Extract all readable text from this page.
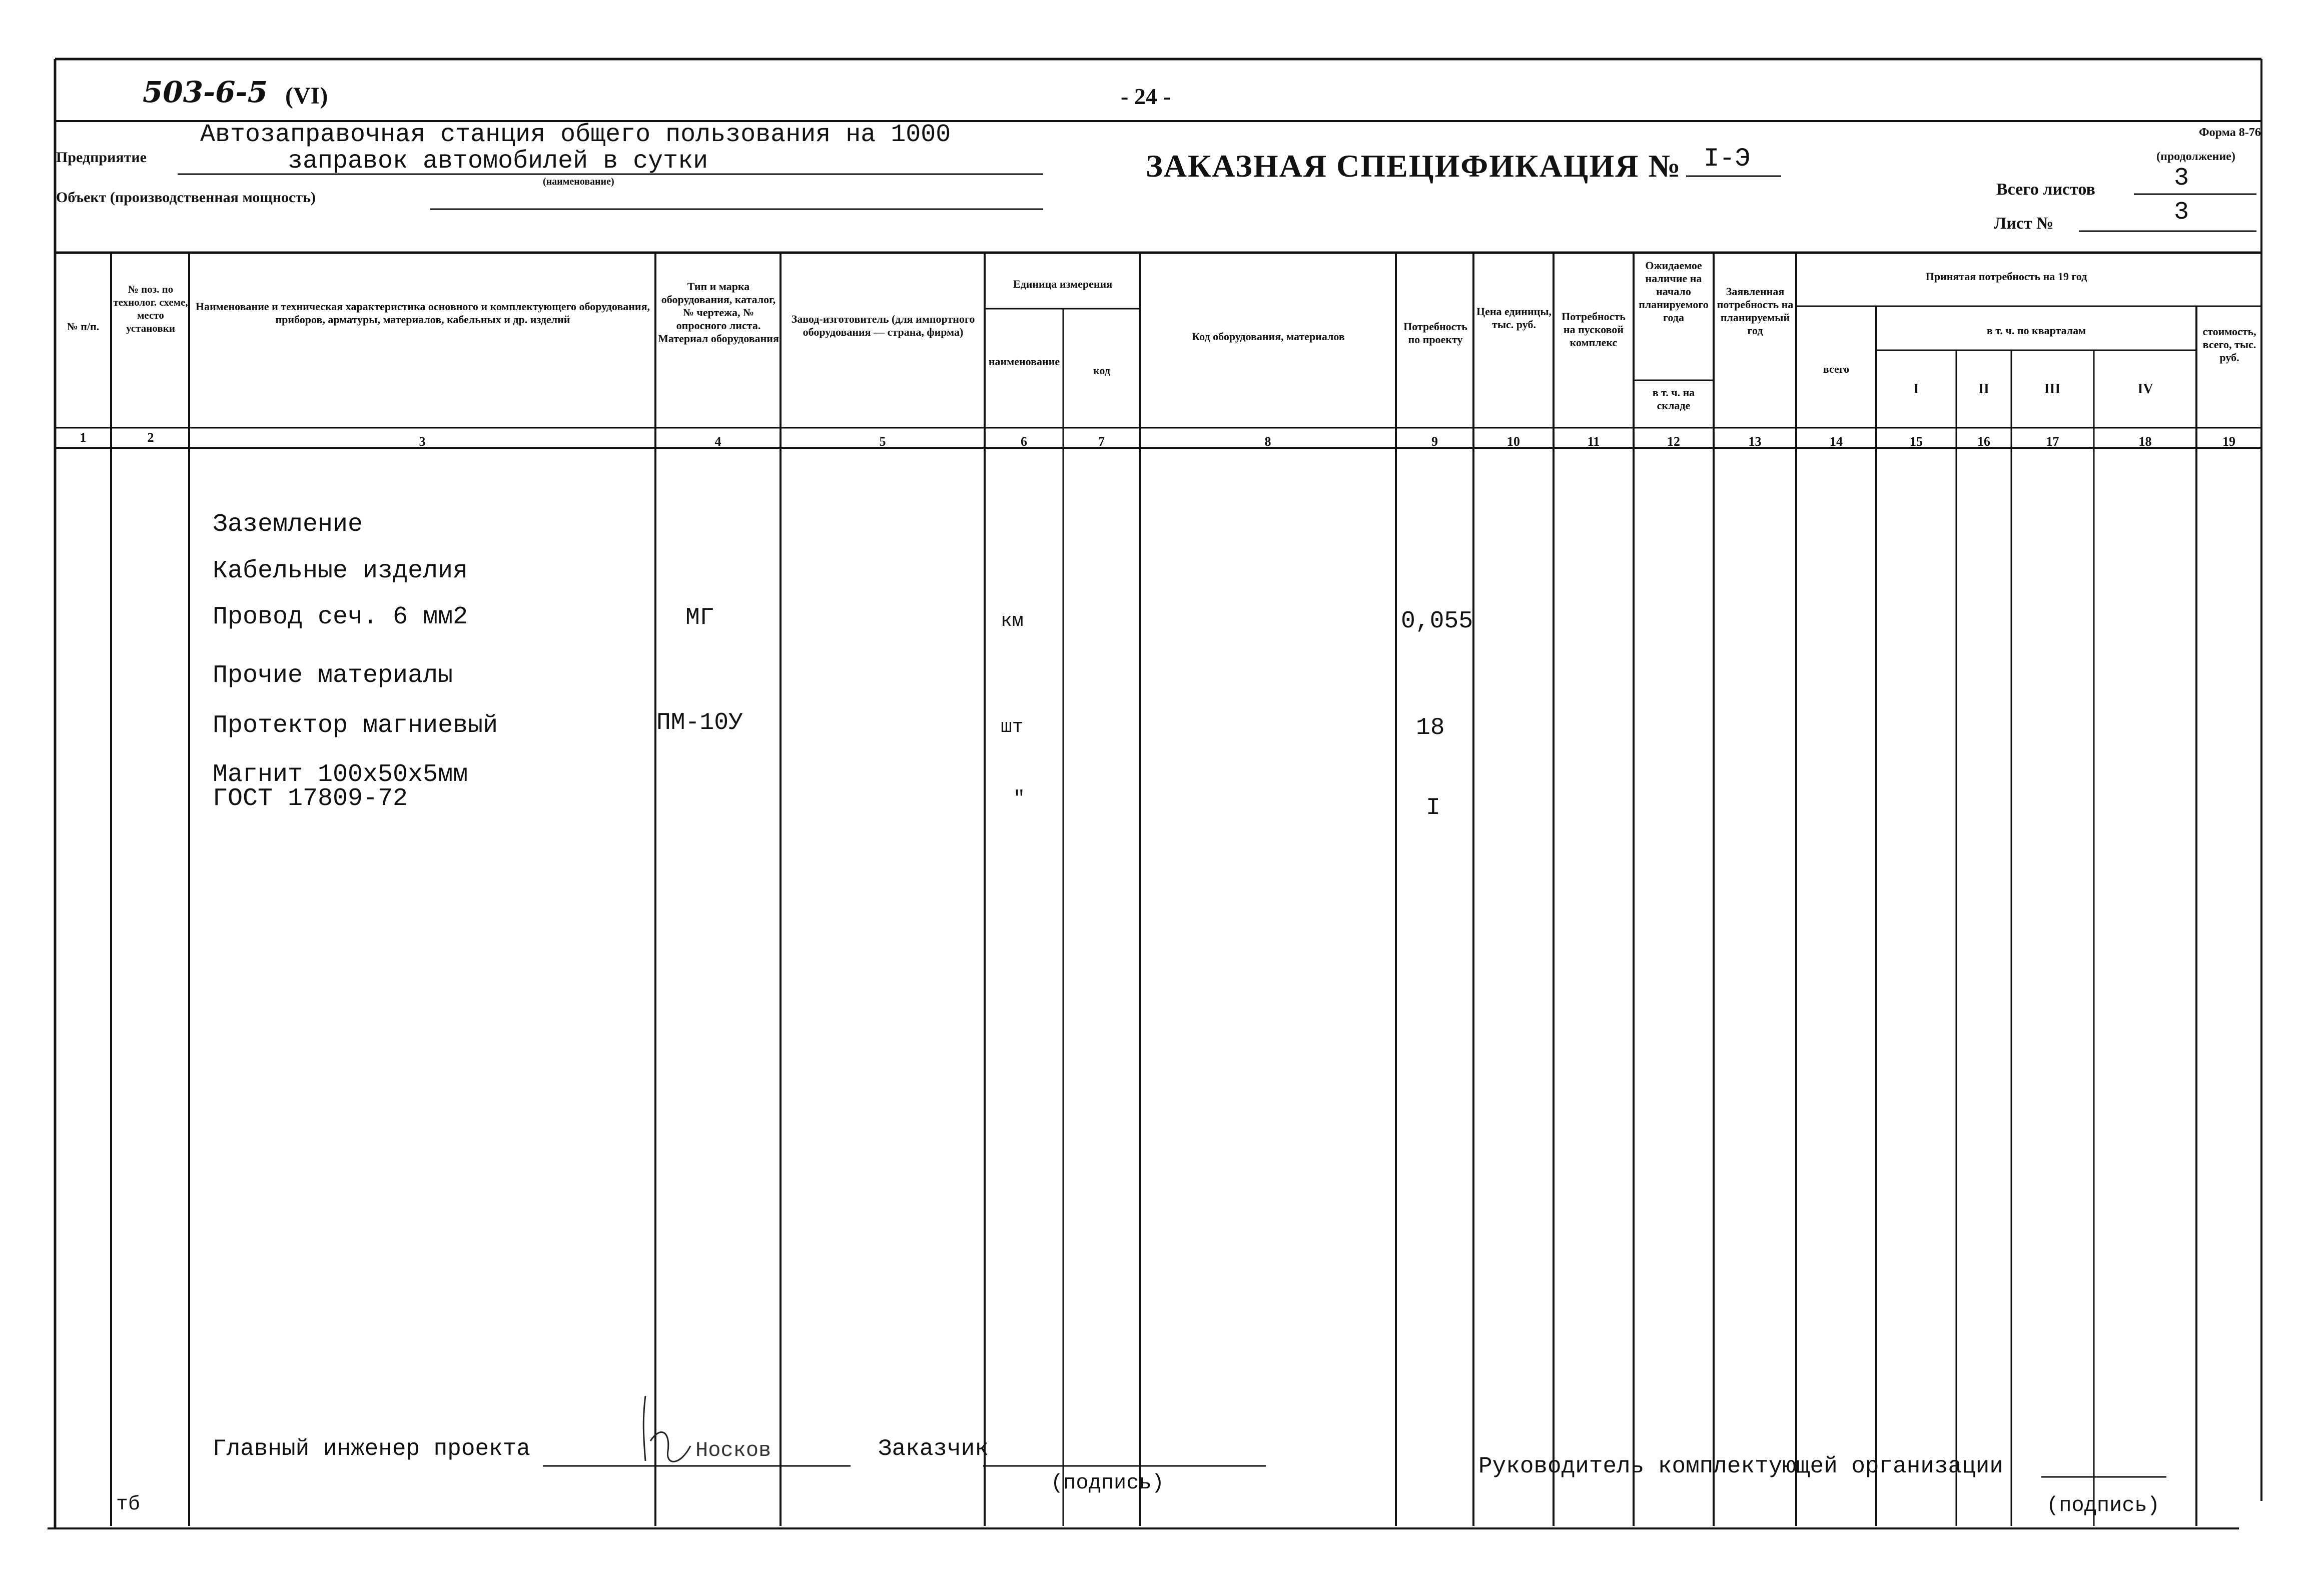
503-6-5 (VI)	- 24 -
Форма 8-76
(продолжение)
Предприятие
Автозаправочная станция общего пользования на 1000
заправок автомобилей в сутки
(наименование)
Объект (производственная мощность)
ЗАКАЗНАЯ СПЕЦИФИКАЦИЯ № I-Э
Всего листов	3
Лист №	3
№ п/п.
№ поз. по технолог. схеме, место установки
Наименование и техническая характеристика основного и комплектующего оборудования, приборов, арматуры, материалов, кабельных и др. изделий
Тип и марка оборудования, каталог, № чертежа, № опросного листа. Материал оборудования
Завод-изготовитель (для импортного оборудования — страна, фирма)
Единица измерения
наименование
код
Код оборудования, материалов
Потребность по проекту
Цена единицы, тыс. руб.
Потребность на пусковой комплекс
Ожидаемое наличие на начало планируемого года
в т. ч. на складе
Заявленная потребность на планируемый год
Принятая потребность на 19 год
в т. ч. по кварталам
всего
I	II	III	IV
стоимость, всего, тыс. руб.
1	2	3	4	5	6	7	8	9	10	11	12	13	14	15	16	17	18	19
Заземление
Кабельные изделия
Провод сеч. 6 мм2	МГ	км	0,055
Прочие материалы
Протектор магниевый	ПМ-10У	шт	18
Магнит 100x50x5мм
ГОСТ 17809-72	"	I
Главный инженер проекта	Носков	Заказчик
(подпись)
Руководитель комплектующей организации
(подпись)
тб
